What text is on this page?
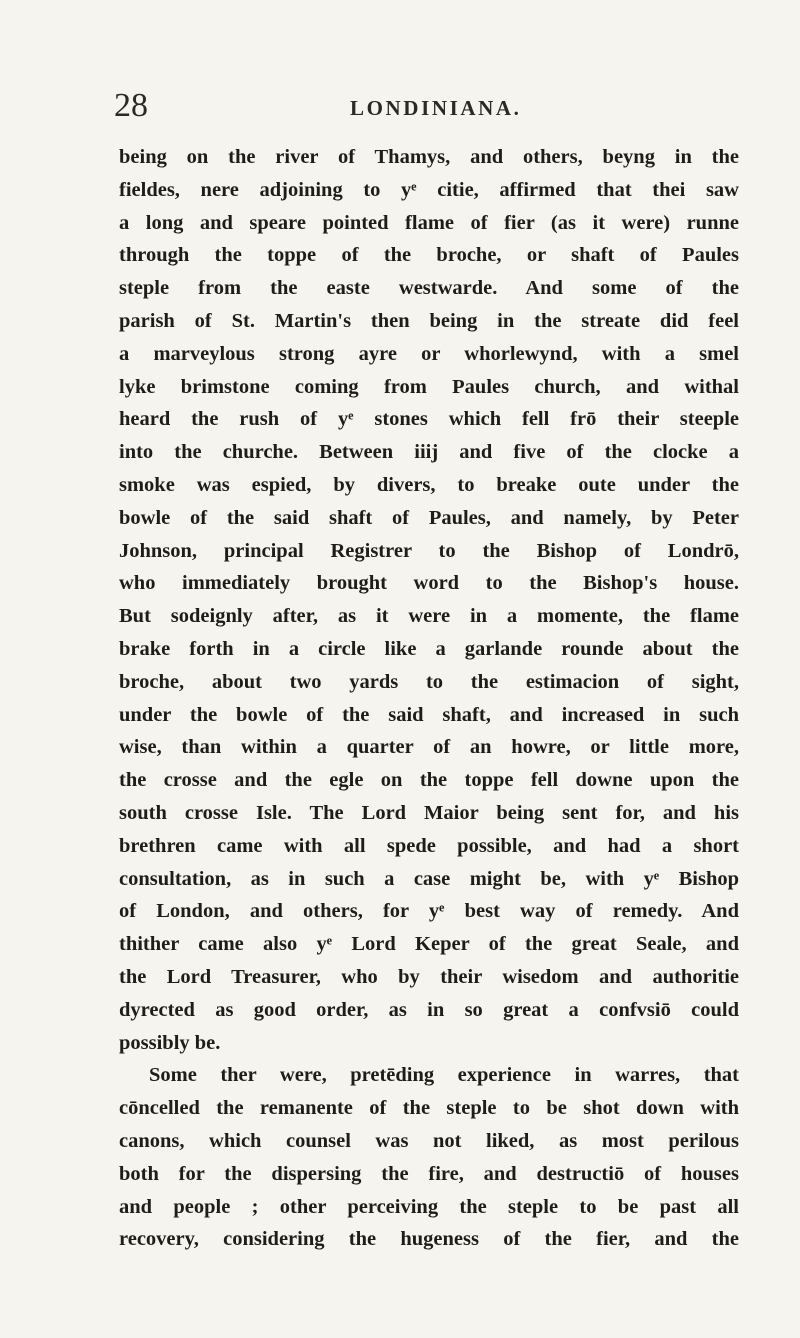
28	LONDINIANA.
being on the river of Thamys, and others, beyng in the
fieldes, nere adjoining to yᵉ citie, affirmed that thei saw
a long and speare pointed flame of fier (as it were) runne
through the toppe of the broche, or shaft of Paules
steple from the easte westwarde. And some of the
parish of St. Martin's then being in the streate did feel
a marveylous strong ayre or whorlewynd, with a smel
lyke brimstone coming from Paules church, and withal
heard the rush of yᵉ stones which fell frō their steeple
into the churche. Between iiij and five of the clocke a
smoke was espied, by divers, to breake oute under the
bowle of the said shaft of Paules, and namely, by Peter
Johnson, principal Registrer to the Bishop of Londrō,
who immediately brought word to the Bishop's house.
But sodeignly after, as it were in a momente, the flame
brake forth in a circle like a garlande rounde about the
broche, about two yards to the estimacion of sight,
under the bowle of the said shaft, and increased in such
wise, than within a quarter of an howre, or little more,
the crosse and the egle on the toppe fell downe upon the
south crosse Isle. The Lord Maior being sent for, and his
brethren came with all spede possible, and had a short
consultation, as in such a case might be, with yᵉ Bishop
of London, and others, for yᵉ best way of remedy. And
thither came also yᵉ Lord Keper of the great Seale, and
the Lord Treasurer, who by their wisedom and authoritie
dyrected as good order, as in so great a confvsiō could
possibly be.
Some ther were, pretēding experience in warres, that
cōncelled the remanente of the steple to be shot down with
canons, which counsel was not liked, as most perilous
both for the dispersing the fire, and destructiō of houses
and people ; other perceiving the steple to be past all
recovery, considering the hugeness of the fier, and the
